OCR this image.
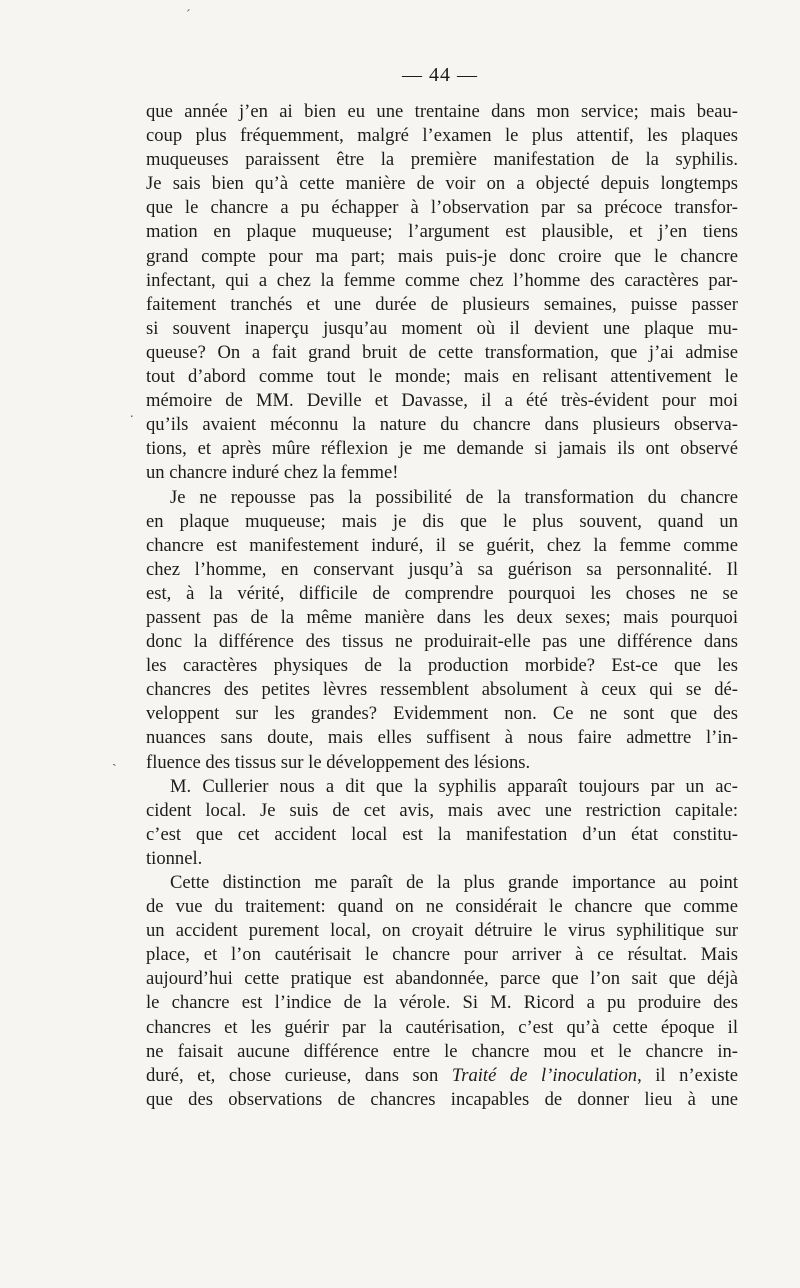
— 44 —
´
ˏ
.
que année j’en ai bien eu une trentaine dans mon service; mais beau-
coup plus fréquemment, malgré l’examen le plus attentif, les plaques
muqueuses paraissent être la première manifestation de la syphilis.
Je sais bien qu’à cette manière de voir on a objecté depuis longtemps
que le chancre a pu échapper à l’observation par sa précoce transfor-
mation en plaque muqueuse; l’argument est plausible, et j’en tiens
grand compte pour ma part; mais puis-je donc croire que le chancre
infectant, qui a chez la femme comme chez l’homme des caractères par-
faitement tranchés et une durée de plusieurs semaines, puisse passer
si souvent inaperçu jusqu’au moment où il devient une plaque mu-
queuse? On a fait grand bruit de cette transformation, que j’ai admise
tout d’abord comme tout le monde; mais en relisant attentivement le
mémoire de MM. Deville et Davasse, il a été très-évident pour moi
qu’ils avaient méconnu la nature du chancre dans plusieurs observa-
tions, et après mûre réflexion je me demande si jamais ils ont observé
un chancre induré chez la femme!
Je ne repousse pas la possibilité de la transformation du chancre
en plaque muqueuse; mais je dis que le plus souvent, quand un
chancre est manifestement induré, il se guérit, chez la femme comme
chez l’homme, en conservant jusqu’à sa guérison sa personnalité. Il
est, à la vérité, difficile de comprendre pourquoi les choses ne se
passent pas de la même manière dans les deux sexes; mais pourquoi
donc la différence des tissus ne produirait-elle pas une différence dans
les caractères physiques de la production morbide? Est-ce que les
chancres des petites lèvres ressemblent absolument à ceux qui se dé-
veloppent sur les grandes? Evidemment non. Ce ne sont que des
nuances sans doute, mais elles suffisent à nous faire admettre l’in-
fluence des tissus sur le développement des lésions.
M. Cullerier nous a dit que la syphilis apparaît toujours par un ac-
cident local. Je suis de cet avis, mais avec une restriction capitale:
c’est que cet accident local est la manifestation d’un état constitu-
tionnel.
Cette distinction me paraît de la plus grande importance au point
de vue du traitement: quand on ne considérait le chancre que comme
un accident purement local, on croyait détruire le virus syphilitique sur
place, et l’on cautérisait le chancre pour arriver à ce résultat. Mais
aujourd’hui cette pratique est abandonnée, parce que l’on sait que déjà
le chancre est l’indice de la vérole. Si M. Ricord a pu produire des
chancres et les guérir par la cautérisation, c’est qu’à cette époque il
ne faisait aucune différence entre le chancre mou et le chancre in-
duré, et, chose curieuse, dans son Traité de l’inoculation, il n’existe
que des observations de chancres incapables de donner lieu à une
